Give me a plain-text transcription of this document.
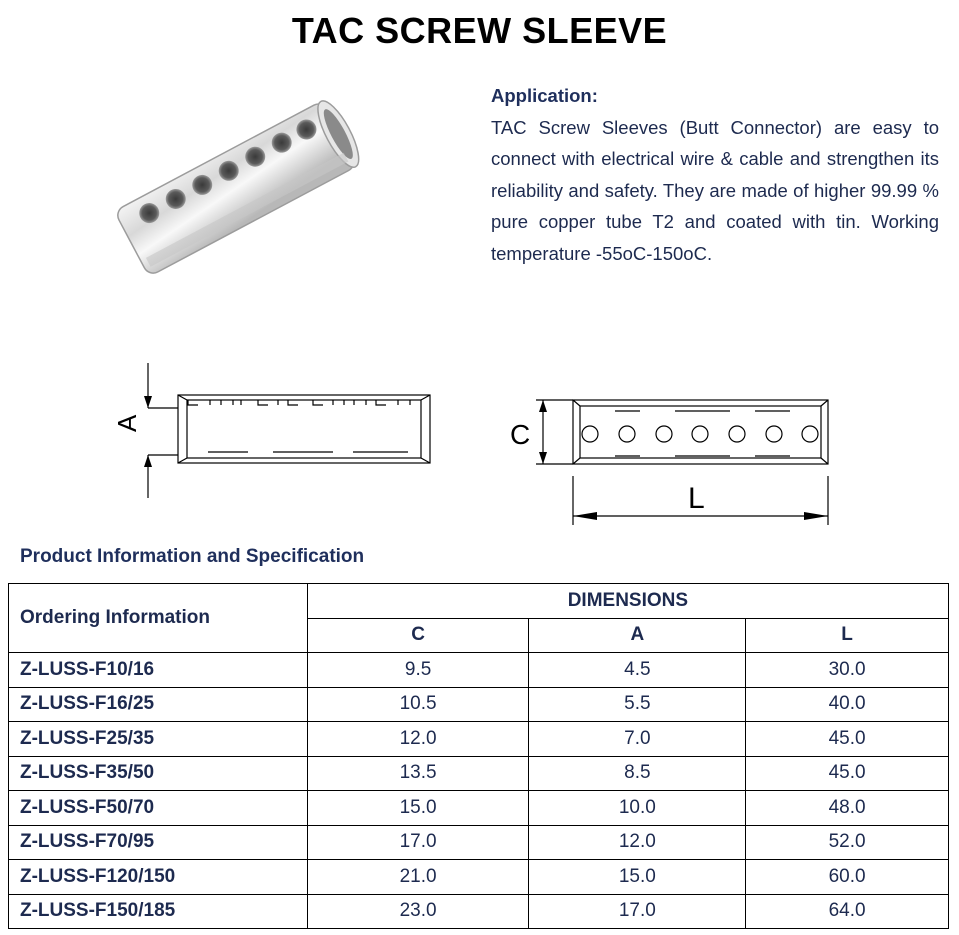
TAC SCREW SLEEVE
Application:
TAC Screw Sleeves (Butt Connector) are easy to connect with electrical wire & cable and strengthen its reliability and safety. They are made of higher 99.99 % pure copper tube T2 and coated with tin. Working temperature -55oC-150oC.
A	C
L
Product Information and Specification
Ordering Information	DIMENSIONS		
	C	A	L
Z-LUSS-F10/16	9.5	4.5	30.0
Z-LUSS-F16/25	10.5	5.5	40.0
Z-LUSS-F25/35	12.0	7.0	45.0
Z-LUSS-F35/50	13.5	8.5	45.0
Z-LUSS-F50/70	15.0	10.0	48.0
Z-LUSS-F70/95	17.0	12.0	52.0
Z-LUSS-F120/150	21.0	15.0	60.0
Z-LUSS-F150/185	23.0	17.0	64.0
